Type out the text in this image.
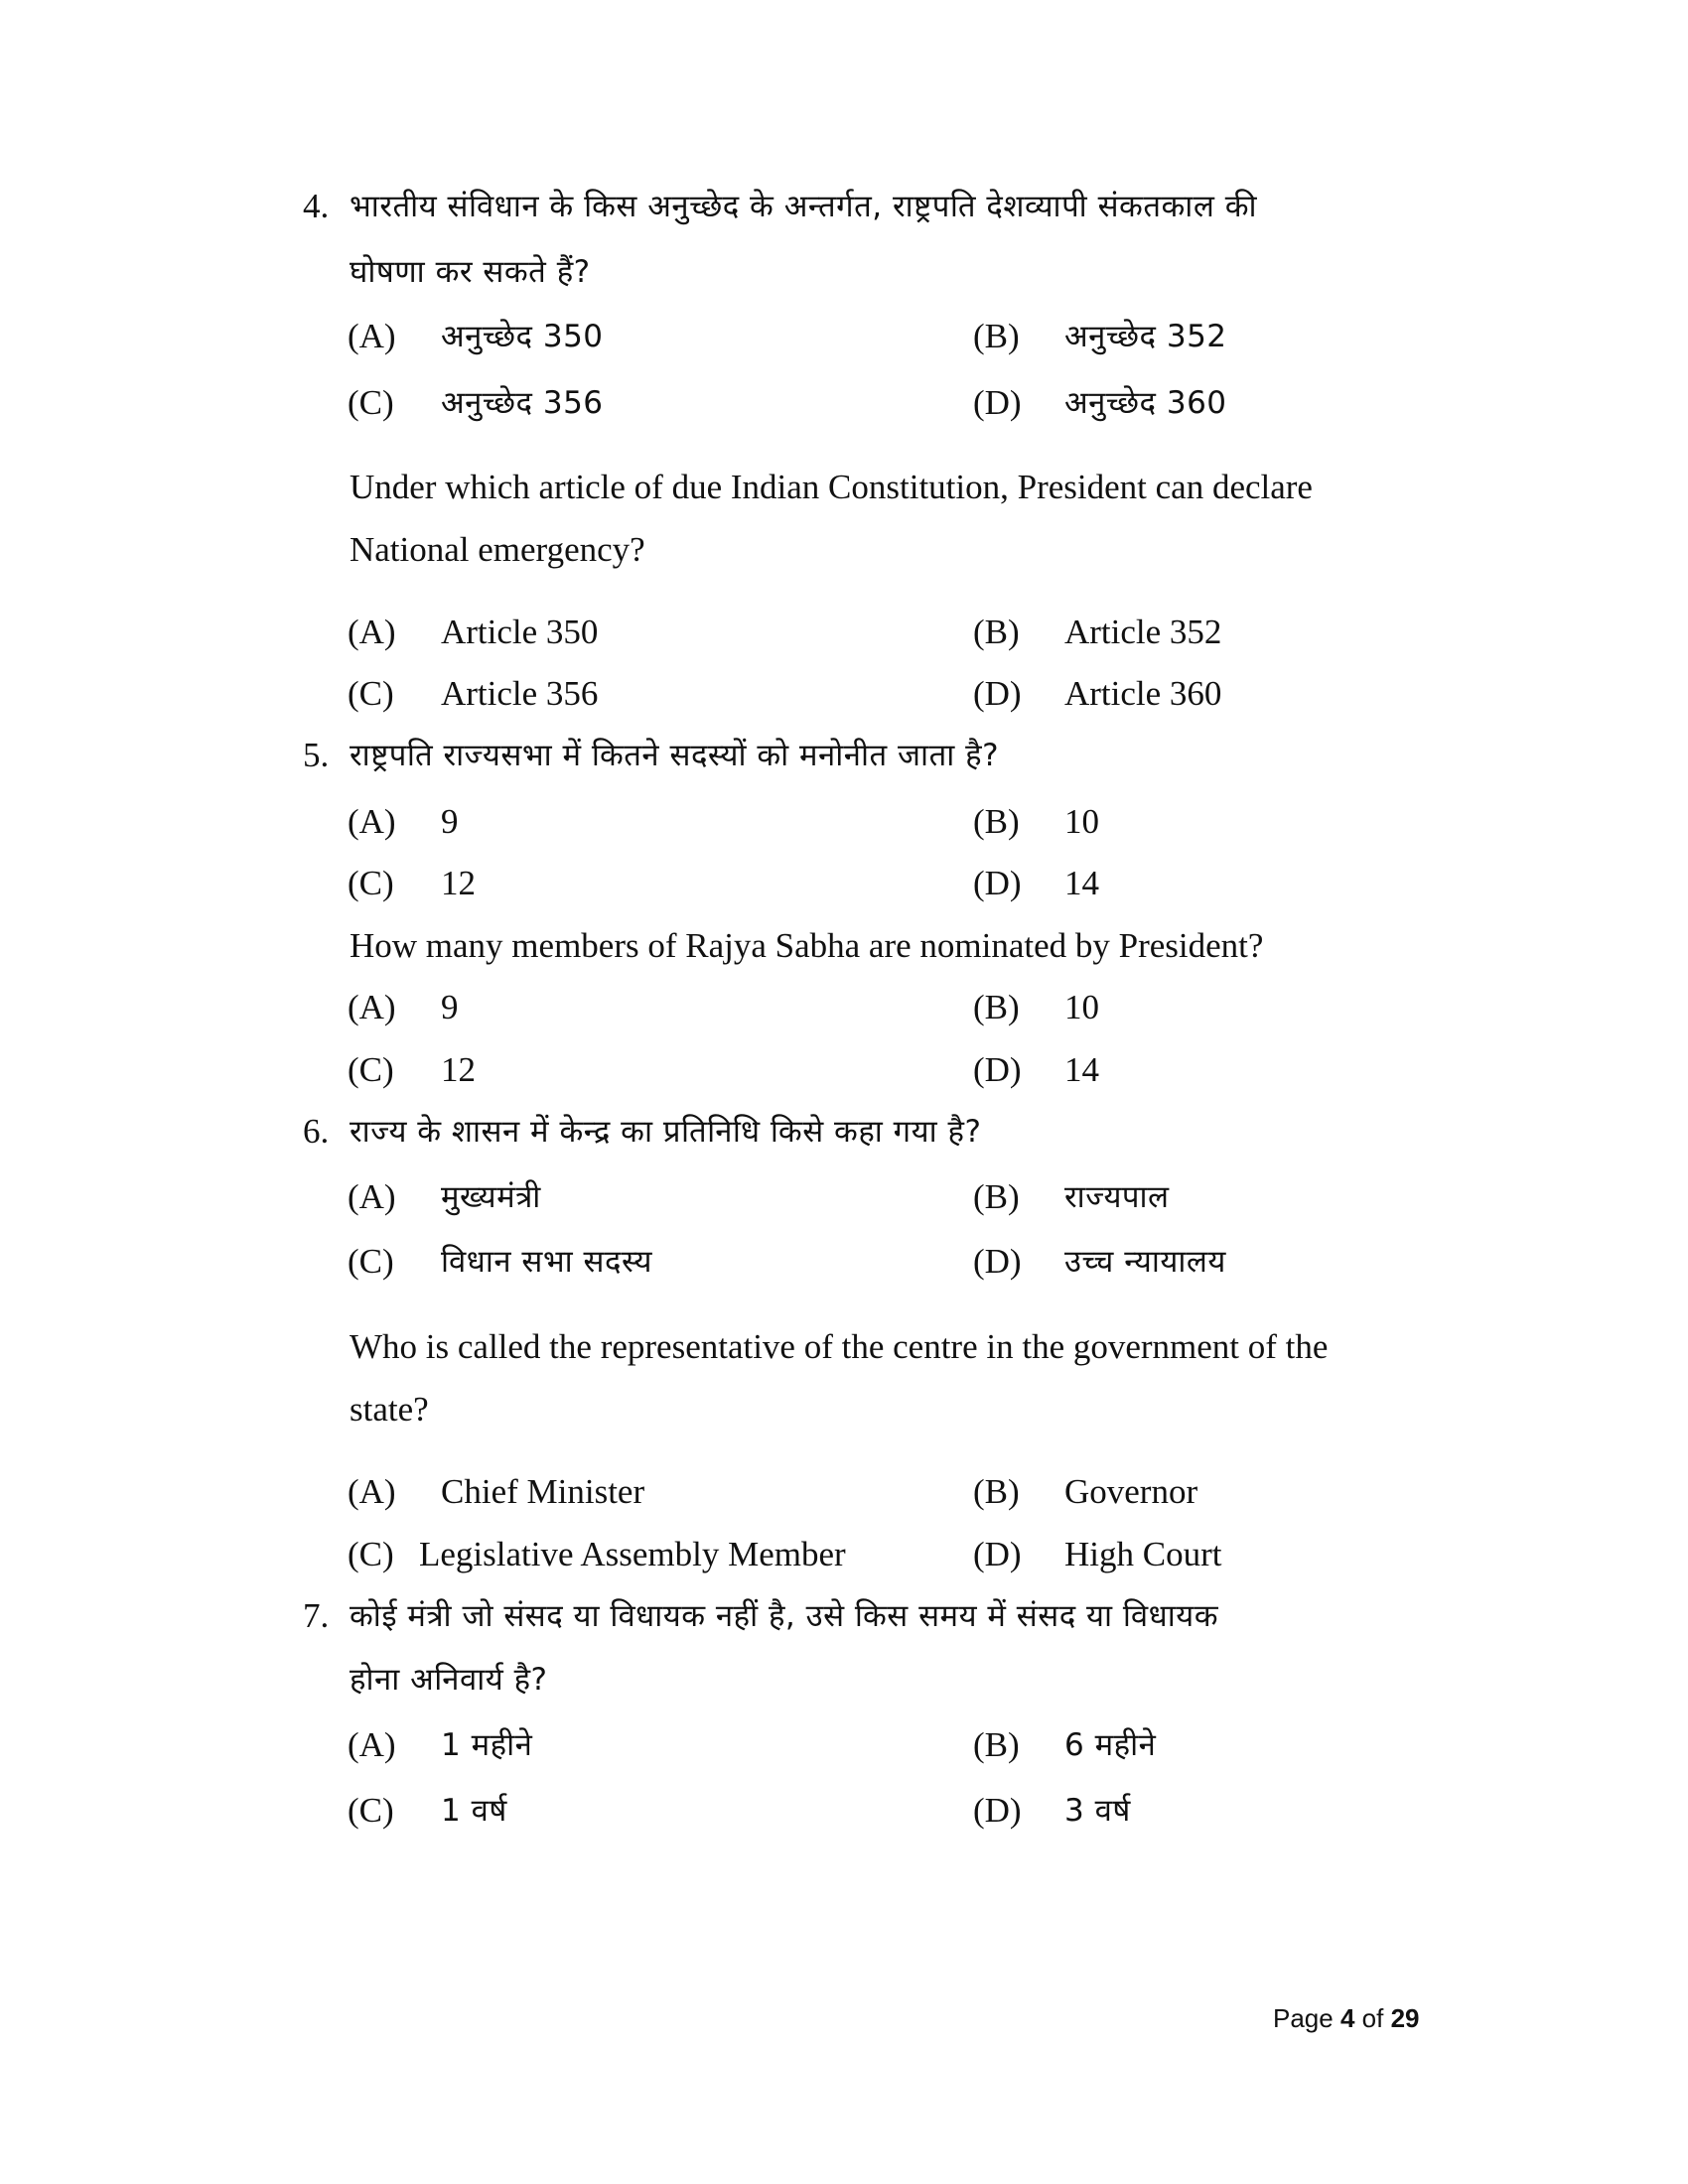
4. भारतीय संविधान के किस अनुच्छेद के अन्तर्गत, राष्ट्रपति देशव्यापी संकतकाल की
घोषणा कर सकते हैं?
(A) अनुच्छेद 350	(B) अनुच्छेद 352
(C) अनुच्छेद 356	(D) अनुच्छेद 360
Under which article of due Indian Constitution, President can declare
National emergency?
(A) Article 350	(B) Article 352
(C) Article 356	(D) Article 360
5. राष्ट्रपति राज्यसभा में कितने सदस्यों को मनोनीत जाता है?
(A) 9	(B) 10
(C) 12	(D) 14
How many members of Rajya Sabha are nominated by President?
(A) 9	(B) 10
(C) 12	(D) 14
6. राज्य के शासन में केन्द्र का प्रतिनिधि किसे कहा गया है?
(A) मुख्यमंत्री	(B) राज्यपाल
(C) विधान सभा सदस्य	(D) उच्च न्यायालय
Who is called the representative of the centre in the government of the
state?
(A) Chief Minister	(B) Governor
(C) Legislative Assembly Member	(D) High Court
7. कोई मंत्री जो संसद या विधायक नहीं है, उसे किस समय में संसद या विधायक
होना अनिवार्य है?
(A) 1 महीने	(B) 6 महीने
(C) 1 वर्ष	(D) 3 वर्ष
Page 4 of 29
